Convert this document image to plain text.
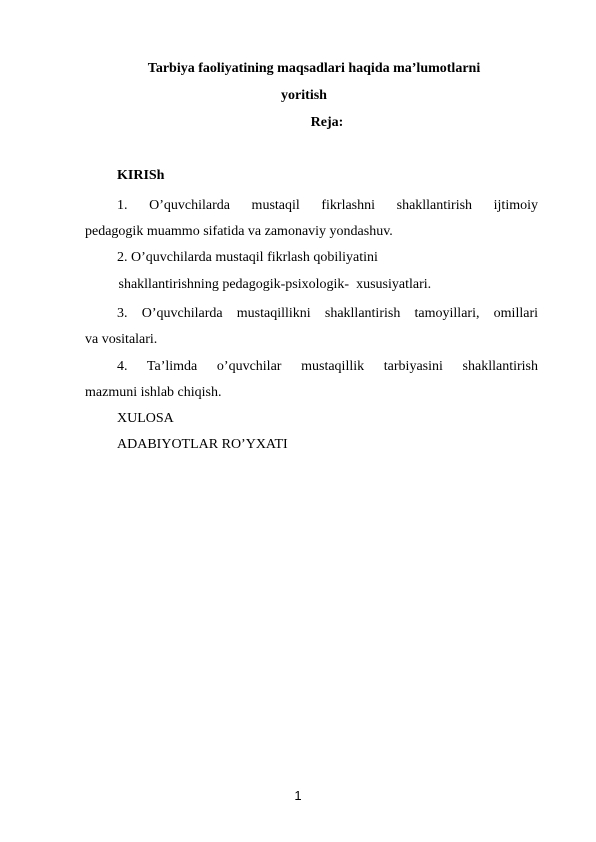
Tarbiya faoliyatining maqsadlari haqida ma’lumotlarni
yoritish
Reja:
KIRISh
1. O’quvchilarda mustaqil fikrlashni shakllantirish ijtimoiy
pedagogik muammo sifatida va zamonaviy yondashuv.
2. O’quvchilarda mustaqil fikrlash qobiliyatini
shakllantirishning pedagogik-psixologik-  xususiyatlari.
3. O’quvchilarda mustaqillikni shakllantirish tamoyillari, omillari
va vositalari.
4. Ta’limda o’quvchilar mustaqillik tarbiyasini shakllantirish
mazmuni ishlab chiqish.
XULOSA
ADABIYOTLAR RO’YXATI
1
